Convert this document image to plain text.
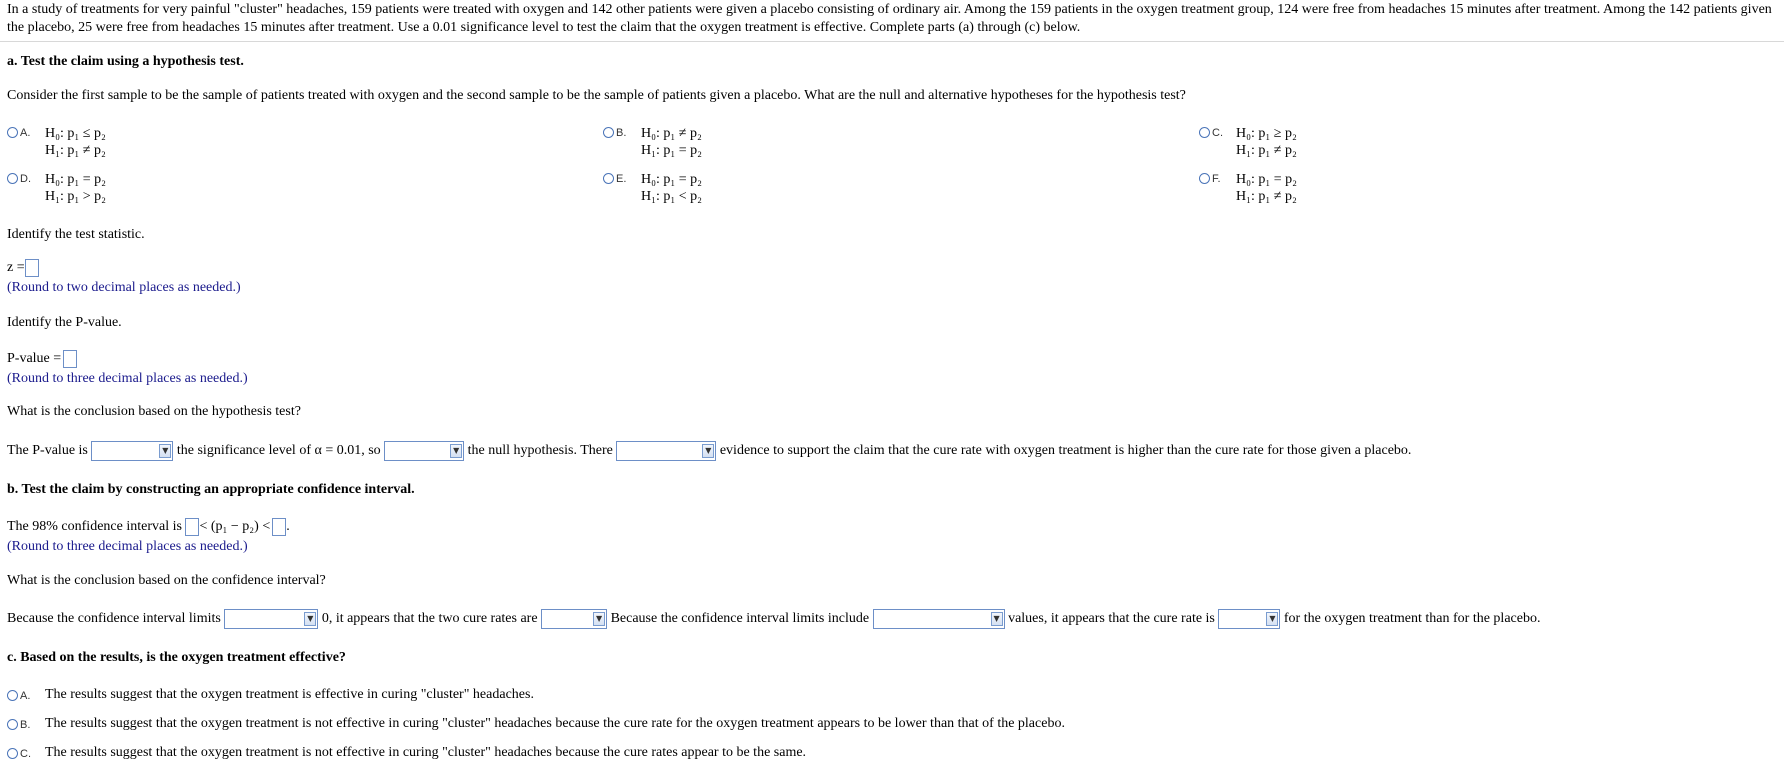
In a study of treatments for very painful "cluster" headaches, 159 patients were treated with oxygen and 142 other patients were given a placebo consisting of ordinary air. Among the 159 patients in the oxygen treatment group, 124 were free from headaches 15 minutes after treatment. Among the 142 patients given the placebo, 25 were free from headaches 15 minutes after treatment. Use a 0.01 significance level to test the claim that the oxygen treatment is effective. Complete parts (a) through (c) below.
a. Test the claim using a hypothesis test.
Consider the first sample to be the sample of patients treated with oxygen and the second sample to be the sample of patients given a placebo. What are the null and alternative hypotheses for the hypothesis test?
A. H₀: p₁ ≤ p₂
H₁: p₁ ≠ p₂
B. H₀: p₁ ≠ p₂
H₁: p₁ = p₂
C. H₀: p₁ ≥ p₂
H₁: p₁ ≠ p₂
D. H₀: p₁ = p₂
H₁: p₁ > p₂
E. H₀: p₁ = p₂
H₁: p₁ < p₂
F. H₀: p₁ = p₂
H₁: p₁ ≠ p₂
Identify the test statistic.
z =
(Round to two decimal places as needed.)
Identify the P-value.
P-value =
(Round to three decimal places as needed.)
What is the conclusion based on the hypothesis test?
The P-value is	▼ the significance level of α = 0.01, so	▼ the null hypothesis. There	▼ evidence to support the claim that the cure rate with oxygen treatment is higher than the cure rate for those given a placebo.
b. Test the claim by constructing an appropriate confidence interval.
The 98% confidence interval is < (p₁ − p₂) < .
(Round to three decimal places as needed.)
What is the conclusion based on the confidence interval?
Because the confidence interval limits	▼ 0, it appears that the two cure rates are	▼ Because the confidence interval limits include	▼ values, it appears that the cure rate is	▼ for the oxygen treatment than for the placebo.
c. Based on the results, is the oxygen treatment effective?
A. The results suggest that the oxygen treatment is effective in curing "cluster" headaches.
B. The results suggest that the oxygen treatment is not effective in curing "cluster" headaches because the cure rate for the oxygen treatment appears to be lower than that of the placebo.
C. The results suggest that the oxygen treatment is not effective in curing "cluster" headaches because the cure rates appear to be the same.
